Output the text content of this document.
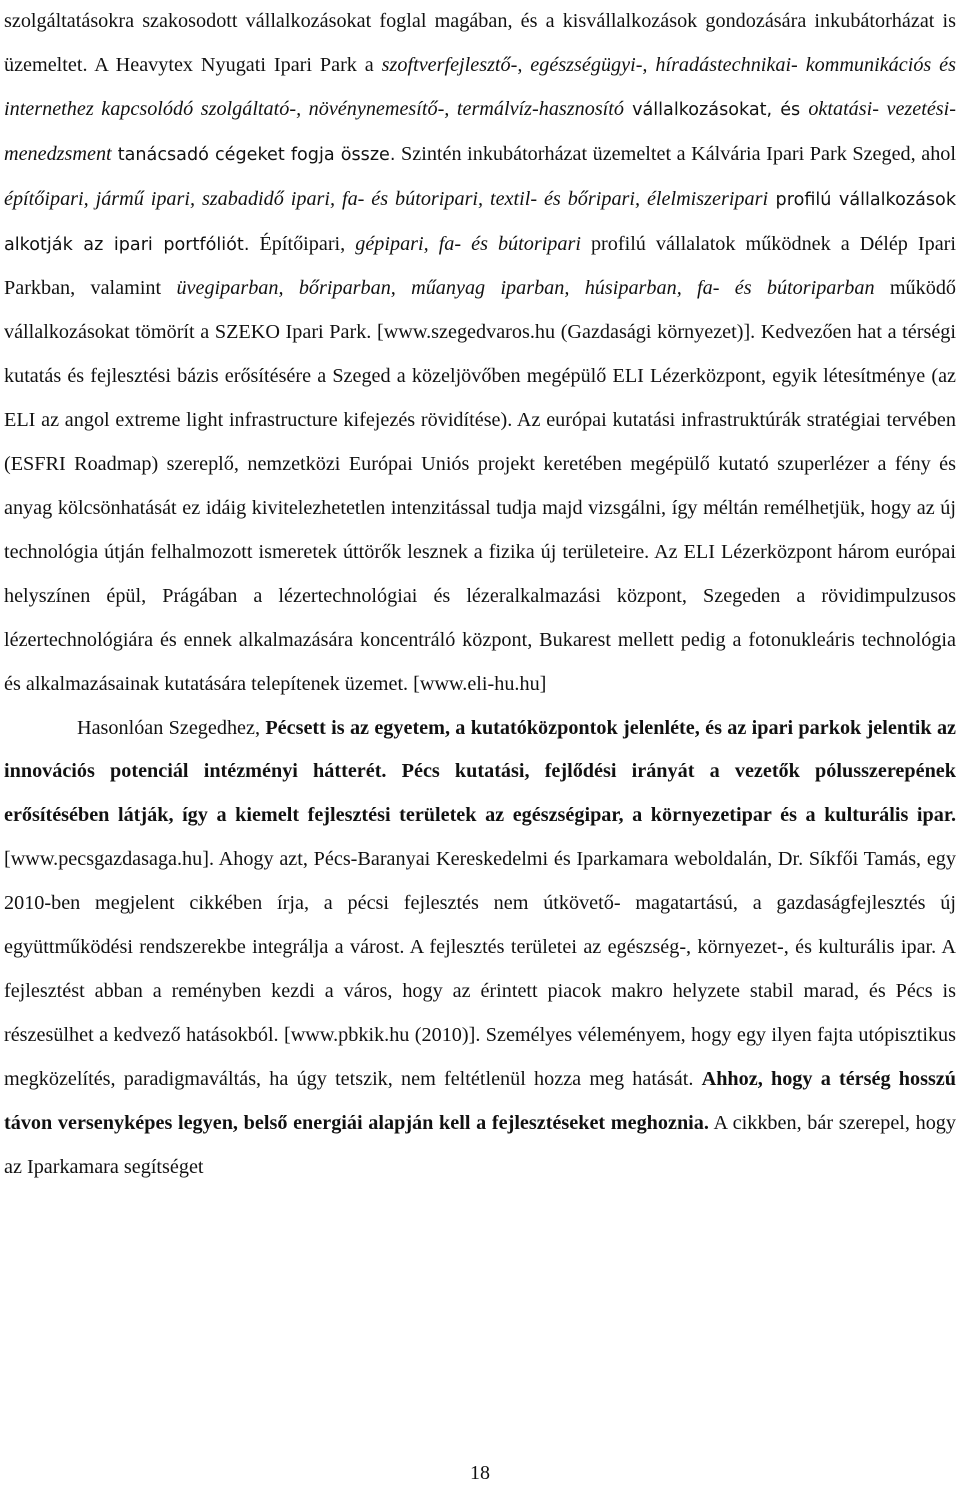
szolgáltatásokra szakosodott vállalkozásokat foglal magában, és a kisvállalkozások gondozására inkubátorházat is üzemeltet. A Heavytex Nyugati Ipari Park a szoftverfejlesztő-, egészségügyi-, híradástechnikai- kommunikációs és internethez kapcsolódó szolgáltató-, növénynemesítő-, termálvíz-hasznosító vállalkozásokat, és oktatási- vezetési-menedzsment tanácsadó cégeket fogja össze. Szintén inkubátorházat üzemeltet a Kálvária Ipari Park Szeged, ahol építőipari, jármű ipari, szabadidő ipari, fa- és bútoripari, textil- és bőripari, élelmiszeripari profilú vállalkozások alkotják az ipari portfóliót. Építőipari, gépipari, fa- és bútoripari profilú vállalatok működnek a Délép Ipari Parkban, valamint üvegiparban, bőriparban, műanyag iparban, húsiparban, fa- és bútoriparban működő vállalkozásokat tömörít a SZEKO Ipari Park. [www.szegedvaros.hu (Gazdasági környezet)]. Kedvezően hat a térségi kutatás és fejlesztési bázis erősítésére a Szeged a közeljövőben megépülő ELI Lézerközpont, egyik létesítménye (az ELI az angol extreme light infrastructure kifejezés rövidítése). Az európai kutatási infrastruktúrák stratégiai tervében (ESFRI Roadmap) szereplő, nemzetközi Európai Uniós projekt keretében megépülő kutató szuperlézer a fény és anyag kölcsönhatását ez idáig kivitelezhetetlen intenzitással tudja majd vizsgálni, így méltán remélhetjük, hogy az új technológia útján felhalmozott ismeretek úttörők lesznek a fizika új területeire. Az ELI Lézerközpont három európai helyszínen épül, Prágában a lézertechnológiai és lézeralkalmazási központ, Szegeden a rövidimpulzusos lézertechnológiára és ennek alkalmazására koncentráló központ, Bukarest mellett pedig a fotonukleáris technológia és alkalmazásainak kutatására telepítenek üzemet. [www.eli-hu.hu]

Hasonlóan Szegedhez, Pécsett is az egyetem, a kutatóközpontok jelenléte, és az ipari parkok jelentik az innovációs potenciál intézményi hátterét. Pécs kutatási, fejlődési irányát a vezetők pólusszerepének erősítésében látják, így a kiemelt fejlesztési területek az egészségipar, a környezetipar és a kulturális ipar. [www.pecsgazdasaga.hu]. Ahogy azt, Pécs-Baranyai Kereskedelmi és Iparkamara weboldalán, Dr. Síkfői Tamás, egy 2010-ben megjelent cikkében írja, a pécsi fejlesztés nem útkövető- magatartású, a gazdaságfejlesztés új együttműködési rendszerekbe integrálja a várost. A fejlesztés területei az egészség-, környezet-, és kulturális ipar. A fejlesztést abban a reményben kezdi a város, hogy az érintett piacok makro helyzete stabil marad, és Pécs is részesülhet a kedvező hatásokból. [www.pbkik.hu (2010)]. Személyes véleményem, hogy egy ilyen fajta utópisztikus megközelítés, paradigmaváltás, ha úgy tetszik, nem feltétlenül hozza meg hatását. Ahhoz, hogy a térség hosszú távon versenyképes legyen, belső energiái alapján kell a fejlesztéseket meghoznia. A cikkben, bár szerepel, hogy az Iparkamara segítséget

18
